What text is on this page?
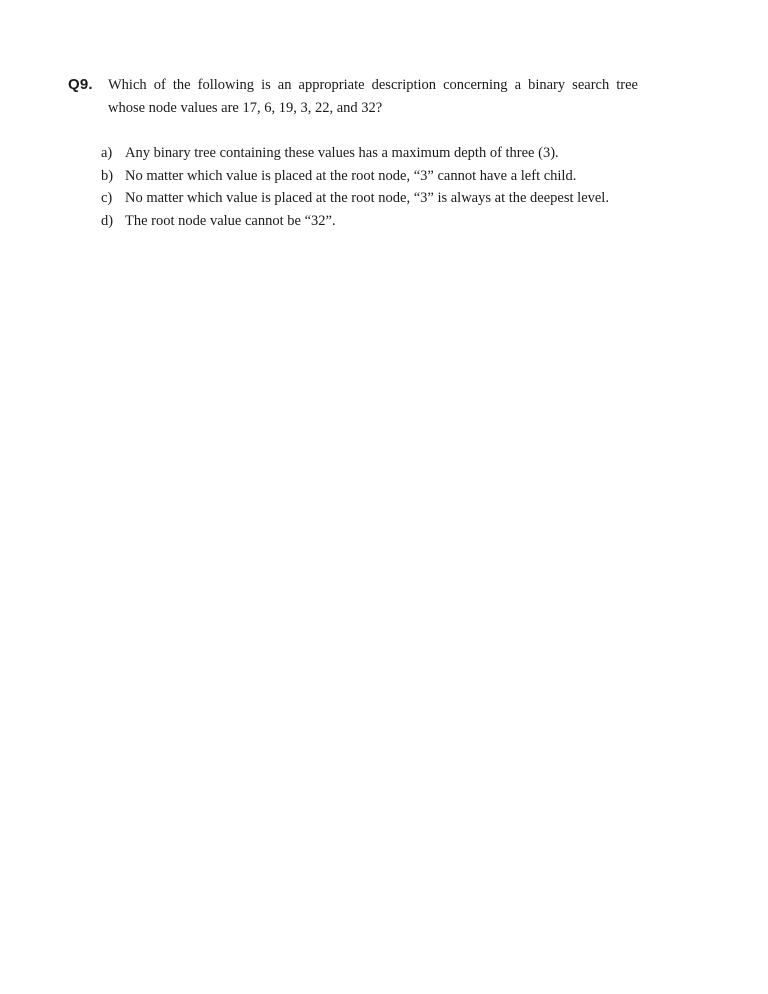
Q9. Which of the following is an appropriate description concerning a binary search tree
whose node values are 17, 6, 19, 3, 22, and 32?
a) Any binary tree containing these values has a maximum depth of three (3).
b) No matter which value is placed at the root node, “3” cannot have a left child.
c) No matter which value is placed at the root node, “3” is always at the deepest level.
d) The root node value cannot be “32”.
